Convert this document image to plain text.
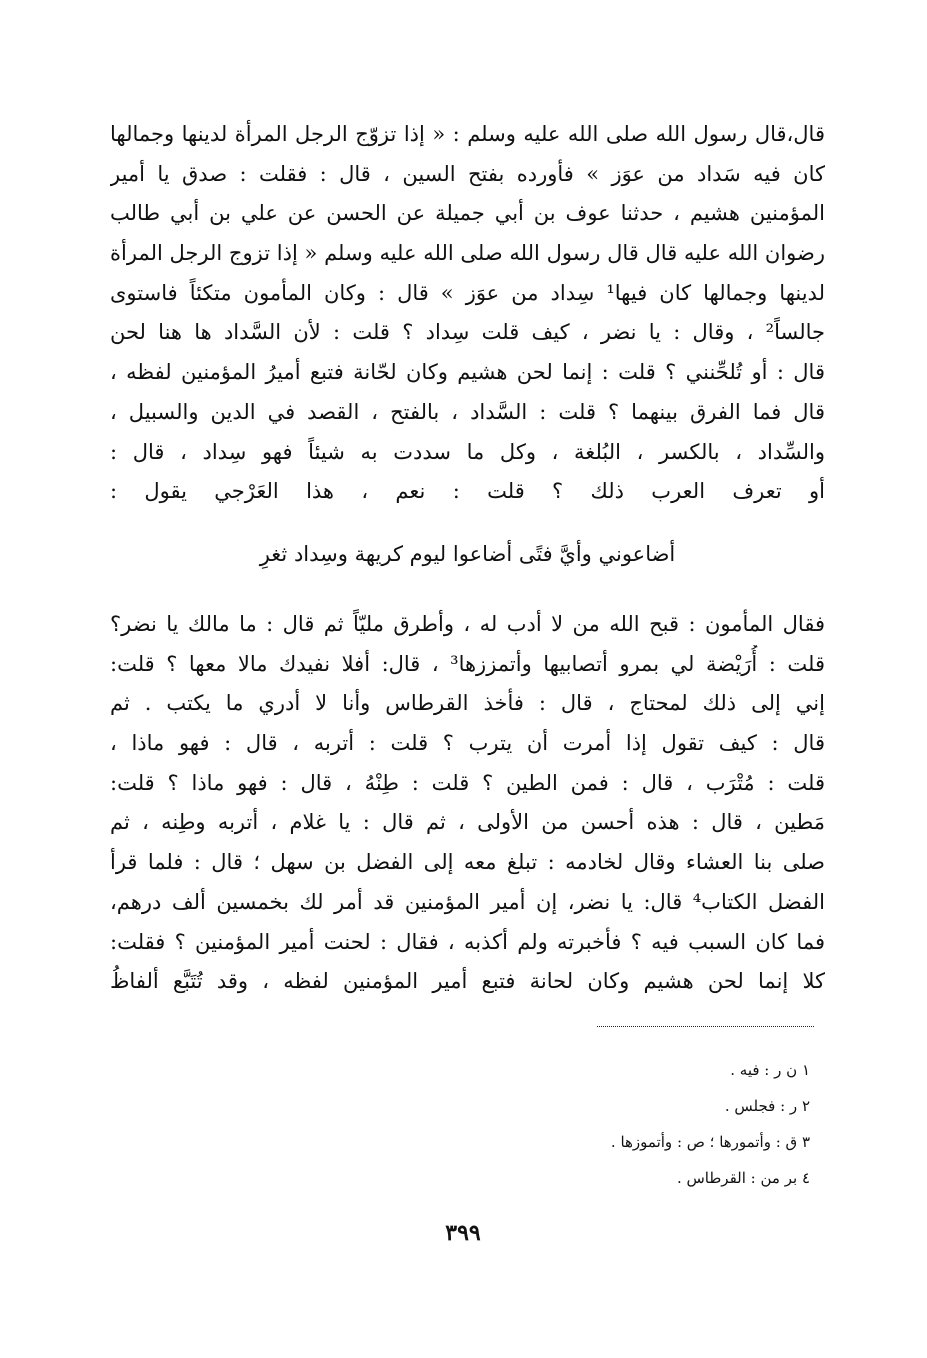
قال،قال رسول الله صلى الله عليه وسلم : « إذا تزوّج الرجل المرأة لدينها وجمالها
كان فيه سَداد من عوَز » فأورده بفتح السين ، قال : فقلت : صدق يا أمير
المؤمنين هشيم ، حدثنا عوف بن أبي جميلة عن الحسن عن علي بن أبي طالب
رضوان الله عليه قال قال رسول الله صلى الله عليه وسلم « إذا تزوج الرجل المرأة
لدينها وجمالها كان فيها¹ سِداد من عوَز » قال : وكان المأمون متكئاً فاستوى
جالساً² ، وقال : يا نضر ، كيف قلت سِداد ؟ قلت : لأن السَّداد ها هنا لحن
قال : أو تُلحِّنني ؟ قلت : إنما لحن هشيم وكان لحّانة فتبع أميرُ المؤمنين لفظه ،
قال فما الفرق بينهما ؟ قلت : السَّداد ، بالفتح ، القصد في الدين والسبيل ،
والسِّداد ، بالكسر ، البُلغة ، وكل ما سددت به شيئاً فهو سِداد ، قال :
أو تعرف العرب ذلك ؟ قلت : نعم ، هذا العَرْجي يقول :
أضاعوني وأيَّ فتًى أضاعوا ليوم كريهة وسِداد ثغرِ
فقال المأمون : قبح الله من لا أدب له ، وأطرق مليّاً ثم قال : ما مالك يا نضر؟
قلت : أُرَيْضة لي بمرو أتصابيها وأتمززها³ ، قال: أفلا نفيدك مالا معها ؟ قلت:
إني إلى ذلك لمحتاج ، قال : فأخذ القرطاس وأنا لا أدري ما يكتب . ثم
قال : كيف تقول إذا أمرت أن يترب ؟ قلت : أتربه ، قال : فهو ماذا ،
قلت : مُتْرَب ، قال : فمن الطين ؟ قلت : طِنْهُ ، قال : فهو ماذا ؟ قلت:
مَطين ، قال : هذه أحسن من الأولى ، ثم قال : يا غلام ، أتربه وطِنه ، ثم
صلى بنا العشاء وقال لخادمه : تبلغ معه إلى الفضل بن سهل ؛ قال : فلما قرأ
الفضل الكتاب⁴ قال: يا نضر، إن أمير المؤمنين قد أمر لك بخمسين ألف درهم،
فما كان السبب فيه ؟ فأخبرته ولم أكذبه ، فقال : لحنت أمير المؤمنين ؟ فقلت:
كلا إنما لحن هشيم وكان لحانة فتبع أمير المؤمنين لفظه ، وقد تُتَبَّع ألفاظُ
١ ن ر : فيه .
٢ ر : فجلس .
٣ ق : وأتمورها ؛ ص : وأتموزها .
٤ بر من : القرطاس .
٣٩٩
